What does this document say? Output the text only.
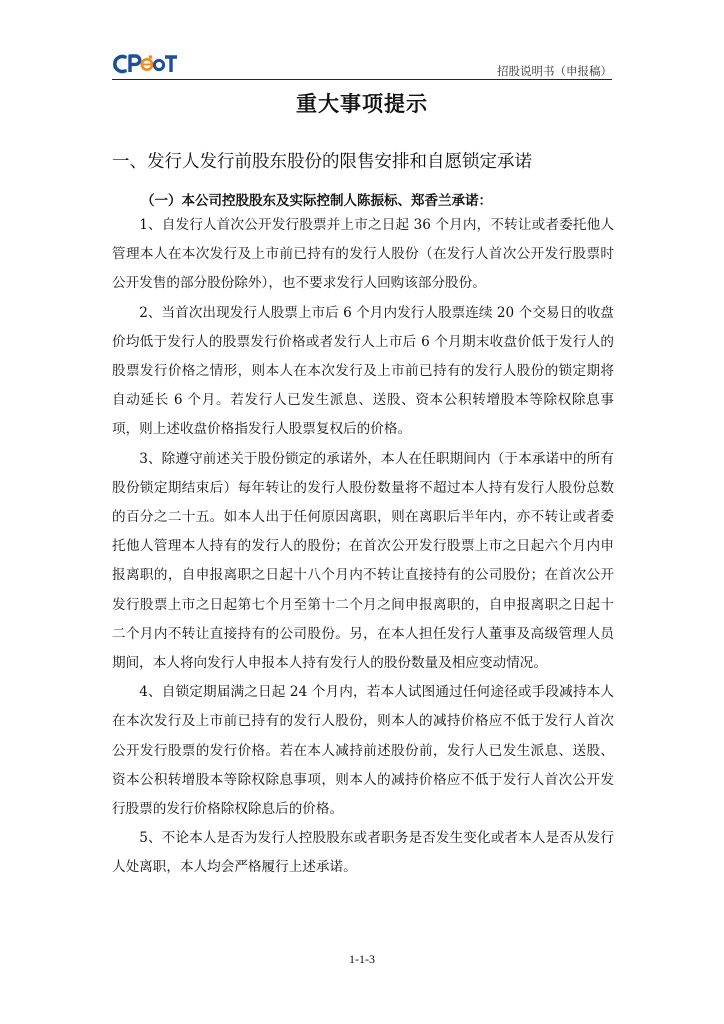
招股说明书（申报稿）
重大事项提示
一、发行人发行前股东股份的限售安排和自愿锁定承诺
（一）本公司控股股东及实际控制人陈振标、郑香兰承诺：

1、自发行人首次公开发行股票并上市之日起 36 个月内，不转让或者委托他人管理本人在本次发行及上市前已持有的发行人股份（在发行人首次公开发行股票时公开发售的部分股份除外），也不要求发行人回购该部分股份。

2、当首次出现发行人股票上市后 6 个月内发行人股票连续 20 个交易日的收盘价均低于发行人的股票发行价格或者发行人上市后 6 个月期末收盘价低于发行人的股票发行价格之情形，则本人在本次发行及上市前已持有的发行人股份的锁定期将自动延长 6 个月。若发行人已发生派息、送股、资本公积转增股本等除权除息事项，则上述收盘价格指发行人股票复权后的价格。

3、除遵守前述关于股份锁定的承诺外，本人在任职期间内（于本承诺中的所有股份锁定期结束后）每年转让的发行人股份数量将不超过本人持有发行人股份总数的百分之二十五。如本人出于任何原因离职，则在离职后半年内，亦不转让或者委托他人管理本人持有的发行人的股份；在首次公开发行股票上市之日起六个月内申报离职的，自申报离职之日起十八个月内不转让直接持有的公司股份；在首次公开发行股票上市之日起第七个月至第十二个月之间申报离职的，自申报离职之日起十二个月内不转让直接持有的公司股份。另，在本人担任发行人董事及高级管理人员期间，本人将向发行人申报本人持有发行人的股份数量及相应变动情况。

4、自锁定期届满之日起 24 个月内，若本人试图通过任何途径或手段减持本人在本次发行及上市前已持有的发行人股份，则本人的减持价格应不低于发行人首次公开发行股票的发行价格。若在本人减持前述股份前，发行人已发生派息、送股、资本公积转增股本等除权除息事项，则本人的减持价格应不低于发行人首次公开发行股票的发行价格除权除息后的价格。

5、不论本人是否为发行人控股股东或者职务是否发生变化或者本人是否从发行人处离职，本人均会严格履行上述承诺。

1-1-3
